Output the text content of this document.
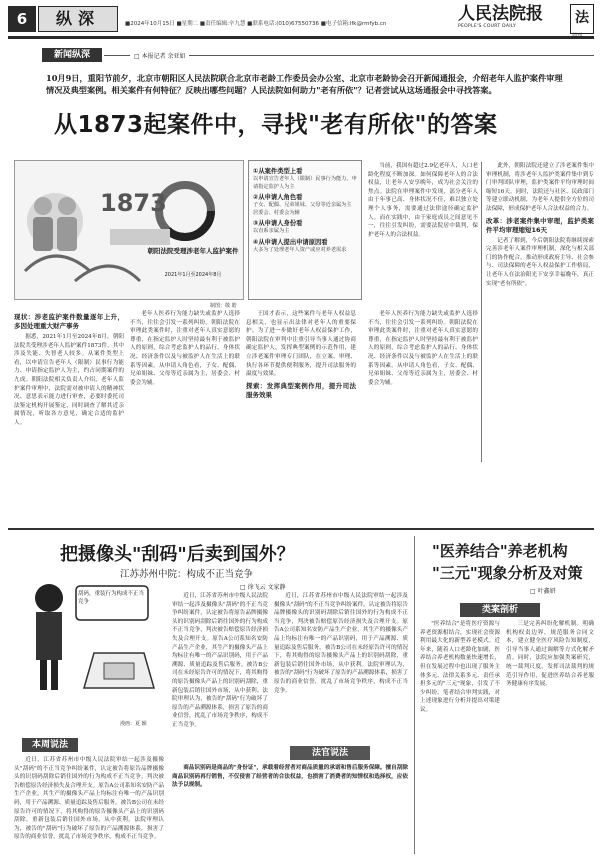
6	纵深	■2024年10月15日 ■星期二 ■责任编辑:辛九慧 ■联系电话:(010)67550736 ■电子信箱:lfk@rmfyb.cn	人民法院报
PEOPLE'S COURT DAILY
法
周刊
新闻纵深	□ 本报记者 余亚如
10月9日，重阳节前夕，北京市朝阳区人民法院联合北京市老龄工作委员会办公室、北京市老龄协会召开新闻通报会，介绍老年人监护案件审理情况及典型案例。相关案件有何特征？反映出哪些问题？人民法院如何助力"老有所依"？记者尝试从这场通报会中寻找答案。
从1873起案件中，寻找"老有所依"的答案
1873
朝阳法院受理涉老年人监护案件
2021年1月至2024年8月
制图：敬 皓
①从案件类型上看
以申请宣告老年人（限制）民事行为能力、申请指定监护人为主
②从申请人角色看
子女、配偶、兄弟姐妹、父母等近亲属为主
居委会、村委会为辅
③从申请人身份看
以直系亲属为主
④从申请人提出申请原因看
大多为了处理老年人资产或应对养老需求

当前，我国有超过2.9亿老年人，人口老龄化程度不断加深。如何保障老年人的合法权益，让老年人安享晚年，成为社会关注的焦点。法院在审理案件中发现，部分老年人由于年事已高、身体状况不佳，难以独立处理个人事务，需要通过法律途径确定监护人。而在实践中，由于家庭成员之间意见不一，往往引发纠纷，需要法院居中裁判，保护老年人的合法权益。

此外，朝阳法院还建立了涉老案件集中审理机制，将涉老年人监护类案件集中到专门审判团队审理，监护类案件平均审理时间缩短16天。同时，法院还与社区、民政部门等建立联动机制，为老年人提供全方位的司法保障，形成保护老年人合法权益的合力。

改革：涉老案件集中审理，监护类案件平均审理缩短16天

记者了解到，今后朝阳法院将继续探索完善涉老年人案件审理机制，深化与相关部门的协作配合，推动形成政府主导、社会参与、司法保障的老年人权益保护工作格局，让老年人在法治阳光下安享幸福晚年，真正实现"老有所依"。

现状：涉老监护案件数量逐年上升，多因处理重大财产事务

据悉，2021年1月至2024年8月，朝阳法院共受理涉老年人监护案件1873件，其中涉及失能、失智老人较多。从案件类型上看，以申请宣告老年人（限制）民事行为能力、申请指定监护人为主，约占同期案件的九成。朝阳法院相关负责人介绍，老年人监护案件审理中，法院需对被申请人的精神状况、意思表示能力进行审查，必要时委托司法鉴定机构开展鉴定，同时调查了解其近亲属情况，听取各方意见，确定合适的监护人。

老年人医养行为能力缺失或监护人选择不当，往往会引发一系列纠纷。朝阳法院在审理此类案件时，注重对老年人真实意愿的尊重，在指定监护人时坚持最有利于被监护人的原则，综合考虑监护人的品行、身体状况、经济条件以及与被监护人在生活上的联系等因素。从申请人角色看，子女、配偶、兄弟姐妹、父母等近亲属为主，居委会、村委会为辅。

王国才表示，这些案件与老年人权益息息相关，也显示出法律对老年人的重要保护。为了进一步做好老年人权益保护工作，朝阳法院在审判中注重引导当事人通过协商确定监护人，发挥典型案例的示范作用，建立涉老案件审理专门团队，在立案、审理、执行各环节提供便利服务，提升司法服务的温度与效果。

探索：发挥典型案例作用，提升司法服务效果

老年人医养行为能力缺失或监护人选择不当，往往会引发一系列纠纷。朝阳法院在审理此类案件时，注重对老年人真实意愿的尊重，在指定监护人时坚持最有利于被监护人的原则，综合考虑监护人的品行、身体状况、经济条件以及与被监护人在生活上的联系等因素。从申请人角色看，子女、配偶、兄弟姐妹、父母等近亲属为主，居委会、村委会为辅。

把摄像头"刮码"后卖到国外？
江苏苏州中院：构成不正当竞争
□ 徐飞云 文家静
刮码，重装行为构成不正当竞争
漫画：夏 颖
本周说法

近日，江苏省苏州市中级人民法院审结一起涉及摄像头"刮码"的不正当竞争纠纷案件，认定被告将原告品牌摄像头的识别码刮除后销往国外的行为构成不正当竞争，判决被告赔偿原告经济损失及合理开支。原告A公司系知名安防产品生产企业，其生产的摄像头产品上均标注有唯一的产品识别码，用于产品溯源、质量追踪及售后服务。被告B公司在未经原告许可的情况下，将其购得的原告摄像头产品上的识别码刮除，重新包装后销往国外市场，从中获利。法院审理认为，被告的"刮码"行为破坏了原告的产品溯源体系，损害了原告的商业信誉，扰乱了市场竞争秩序，构成不正当竞争。

近日，江苏省苏州市中级人民法院审结一起涉及摄像头"刮码"的不正当竞争纠纷案件，认定被告将原告品牌摄像头的识别码刮除后销往国外的行为构成不正当竞争，判决被告赔偿原告经济损失及合理开支。原告A公司系知名安防产品生产企业，其生产的摄像头产品上均标注有唯一的产品识别码，用于产品溯源、质量追踪及售后服务。被告B公司在未经原告许可的情况下，将其购得的原告摄像头产品上的识别码刮除，重新包装后销往国外市场，从中获利。法院审理认为，被告的"刮码"行为破坏了原告的产品溯源体系，损害了原告的商业信誉，扰乱了市场竞争秩序，构成不正当竞争。

近日，江苏省苏州市中级人民法院审结一起涉及摄像头"刮码"的不正当竞争纠纷案件，认定被告将原告品牌摄像头的识别码刮除后销往国外的行为构成不正当竞争，判决被告赔偿原告经济损失及合理开支。原告A公司系知名安防产品生产企业，其生产的摄像头产品上均标注有唯一的产品识别码，用于产品溯源、质量追踪及售后服务。被告B公司在未经原告许可的情况下，将其购得的原告摄像头产品上的识别码刮除，重新包装后销往国外市场，从中获利。法院审理认为，被告的"刮码"行为破坏了原告的产品溯源体系，损害了原告的商业信誉，扰乱了市场竞争秩序，构成不正当竞争。

法官说法

商品识别码是商品的"身份证"，承载着经营者对商品质量的承诺和售后服务保障。擅自刮除商品识别码再行销售，不仅侵害了经营者的合法权益，也损害了消费者的知情权和选择权，应依法予以规制。

"医养结合"养老机构
"三元"现象分析及对策
□ 叶鑫妍
类案剖析

"医养结合"是将医疗资源与养老资源相结合，实现社会资源利用最大化的新型养老模式。近年来，随着人口老龄化加剧，医养结合养老机构数量快速增长，但在发展过程中也出现了服务主体多元、法律关系多元、责任承担多元的"三元"现象，引发了不少纠纷。笔者结合审判实践，对上述现象进行分析并提出对策建议。

三是完善纠纷化解机制。明确机构权责边界，规范服务合同文本，建立健全医疗风险告知制度，引导当事人通过调解等方式化解矛盾。同时，法院应加强类案研究，统一裁判尺度，发挥司法裁判的规范引导作用，促进医养结合养老服务健康有序发展。
